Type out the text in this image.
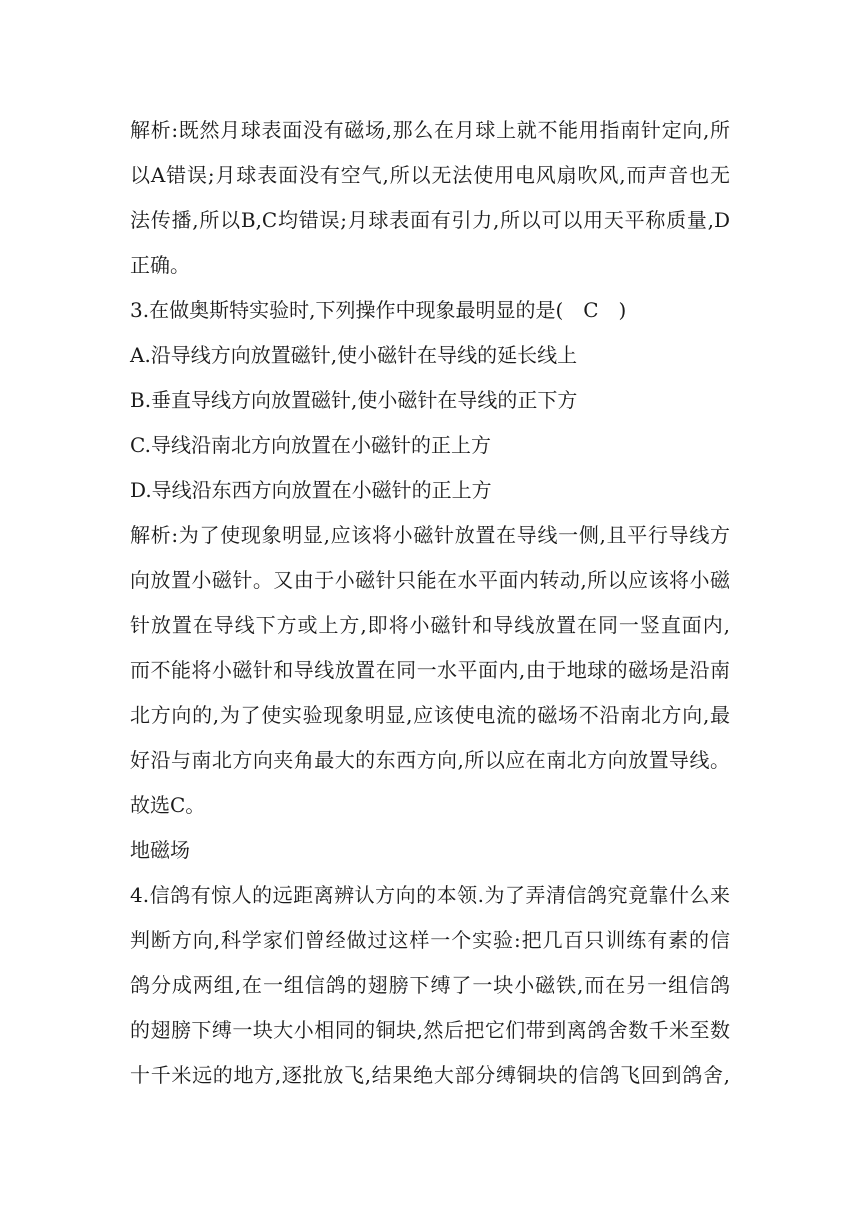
解析:既然月球表面没有磁场,那么在月球上就不能用指南针定向,所
以A错误;月球表面没有空气,所以无法使用电风扇吹风,而声音也无
法传播,所以B,C均错误;月球表面有引力,所以可以用天平称质量,D
正确。
3.在做奥斯特实验时,下列操作中现象最明显的是(　C　)
A.沿导线方向放置磁针,使小磁针在导线的延长线上
B.垂直导线方向放置磁针,使小磁针在导线的正下方
C.导线沿南北方向放置在小磁针的正上方
D.导线沿东西方向放置在小磁针的正上方
解析:为了使现象明显,应该将小磁针放置在导线一侧,且平行导线方
向放置小磁针。又由于小磁针只能在水平面内转动,所以应该将小磁
针放置在导线下方或上方,即将小磁针和导线放置在同一竖直面内,
而不能将小磁针和导线放置在同一水平面内,由于地球的磁场是沿南
北方向的,为了使实验现象明显,应该使电流的磁场不沿南北方向,最
好沿与南北方向夹角最大的东西方向,所以应在南北方向放置导线。
故选C。
地磁场
4.信鸽有惊人的远距离辨认方向的本领.为了弄清信鸽究竟靠什么来
判断方向,科学家们曾经做过这样一个实验:把几百只训练有素的信
鸽分成两组,在一组信鸽的翅膀下缚了一块小磁铁,而在另一组信鸽
的翅膀下缚一块大小相同的铜块,然后把它们带到离鸽舍数千米至数
十千米远的地方,逐批放飞,结果绝大部分缚铜块的信鸽飞回到鸽舍,
